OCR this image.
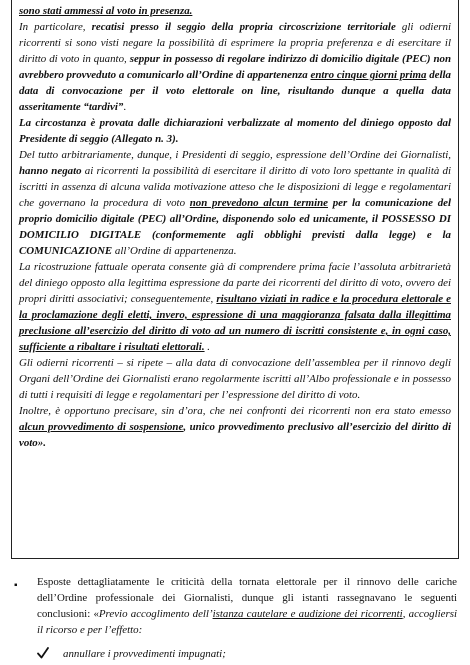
sono stati ammessi al voto in presenza.

In particolare, recatisi presso il seggio della propria circoscrizione territoriale gli odierni ricorrenti si sono visti negare la possibilità di esprimere la propria preferenza e di esercitare il diritto di voto in quanto, seppur in possesso di regolare indirizzo di domicilio digitale (PEC) non avrebbero provveduto a comunicarlo all’Ordine di appartenenza entro cinque giorni prima della data di convocazione per il voto elettorale on line, risultando dunque a quella data asseritamente “tardivi”.

La circostanza è provata dalle dichiarazioni verbalizzate al momento del diniego opposto dal Presidente di seggio (Allegato n. 3).

Del tutto arbitrariamente, dunque, i Presidenti di seggio, espressione dell’Ordine dei Giornalisti, hanno negato ai ricorrenti la possibilità di esercitare il diritto di voto loro spettante in qualità di iscritti in assenza di alcuna valida motivazione atteso che le disposizioni di legge e regolamentari che governano la procedura di voto non prevedono alcun termine per la comunicazione del proprio domicilio digitale (PEC) all’Ordine, disponendo solo ed unicamente, il POSSESSO DI DOMICILIO DIGITALE (conformemente agli obblighi previsti dalla legge) e la COMUNICAZIONE all’Ordine di appartenenza.

La ricostruzione fattuale operata consente già di comprendere prima facie l’assoluta arbitrarietà del diniego opposto alla legittima espressione da parte dei ricorrenti del diritto di voto, ovvero dei propri diritti associativi; conseguentemente, risultano viziati in radice e la procedura elettorale e la proclamazione degli eletti, invero, espressione di una maggioranza falsata dalla illegittima preclusione all’esercizio del diritto di voto ad un numero di iscritti consistente e, in ogni caso, sufficiente a ribaltare i risultati elettorali. .

Gli odierni ricorrenti – si ripete – alla data di convocazione dell’assemblea per il rinnovo degli Organi dell’Ordine dei Giornalisti erano regolarmente iscritti all’Albo professionale e in possesso di tutti i requisiti di legge e regolamentari per l’espressione del diritto di voto.

Inoltre, è opportuno precisare, sin d’ora, che nei confronti dei ricorrenti non era stato emesso alcun provvedimento di sospensione, unico provvedimento preclusivo all’esercizio del diritto di voto».

▪ Esposte dettagliatamente le criticità della tornata elettorale per il rinnovo delle cariche dell’Ordine professionale dei Giornalisti, dunque gli istanti rassegnavano le seguenti conclusioni: «Previo accoglimento dell’istanza cautelare e audizione dei ricorrenti, accogliersi il ricorso e per l’effetto:
annullare i provvedimenti impugnati;
